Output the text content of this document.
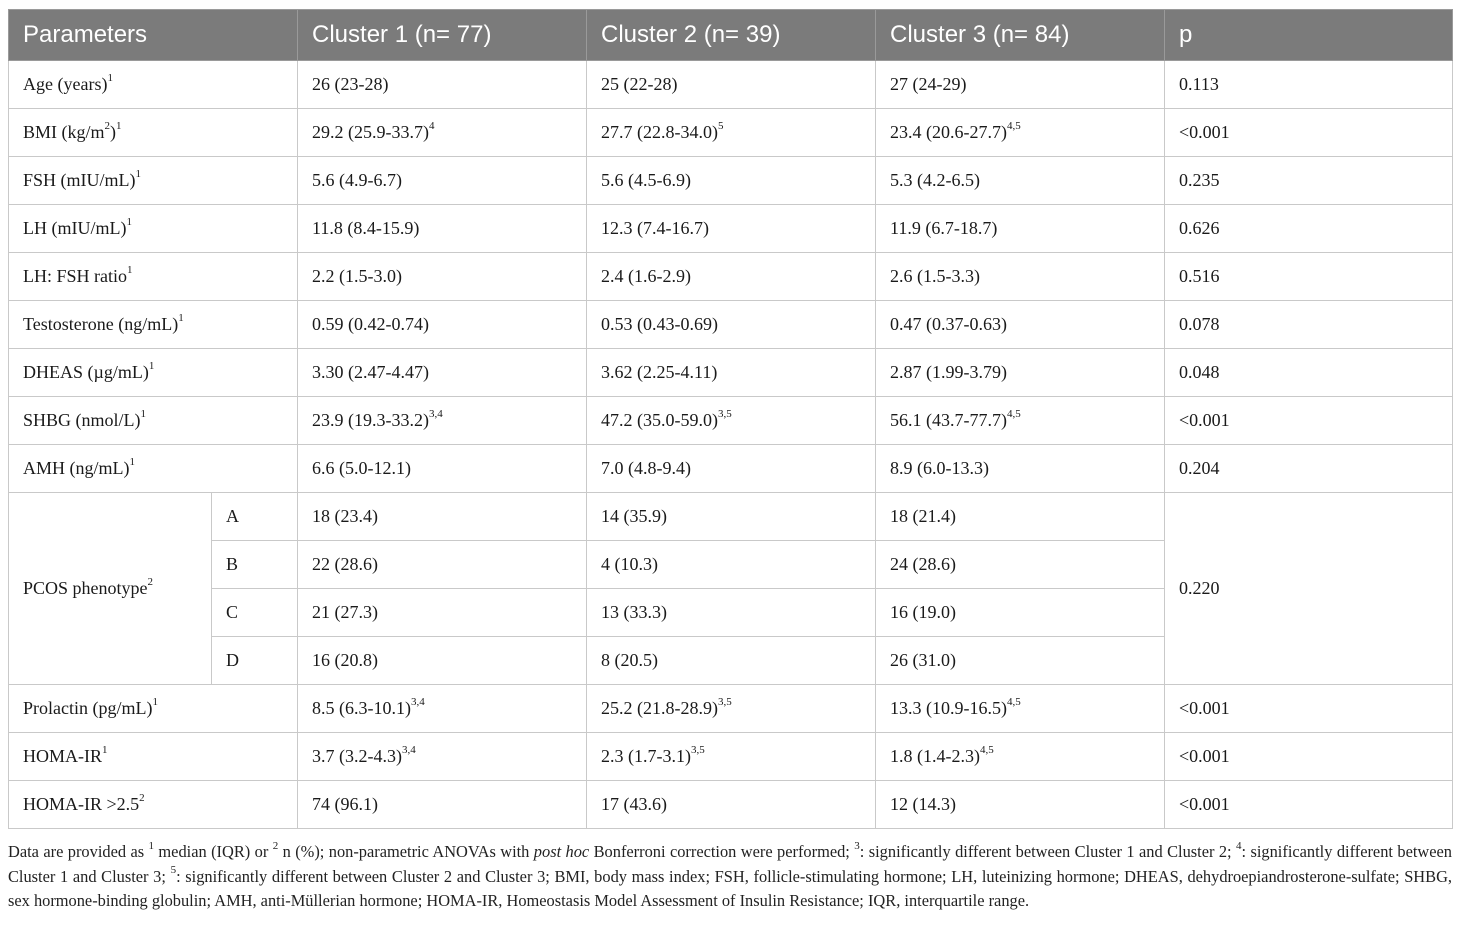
Parameters		Cluster 1 (n= 77)	Cluster 2 (n= 39)	Cluster 3 (n= 84)	p
Age (years)$^1$		26 (23-28)	25 (22-28)	27 (24-29)	0.113
BMI $(kg/m^2)^1$		29.2 $(25.9-33.7)^4$	27.7 $(22.8-34.0)^5$	23.4 $(20.6-27.7)^{4,5}$	<0.001
FSH $(mIU/mL)^1$		5.6 (4.9-6.7)	5.6 (4.5-6.9)	5.3 (4.2-6.5)	0.235
LH $(mIU/mL)^1$		11.8 (8.4-15.9)	12.3 (7.4-16.7)	11.9 (6.7-18.7)	0.626
LH: FSH ratio$^1$		2.2 (1.5-3.0)	2.4 (1.6-2.9)	2.6 (1.5-3.3)	0.516
Testosterone $(ng/mL)^1$		0.59 (0.42-0.74)	0.53 (0.43-0.69)	0.47 (0.37-0.63)	0.078
DHEAS $(\mu g/mL)^1$		3.30 (2.47-4.47)	3.62 (2.25-4.11)	2.87 (1.99-3.79)	0.048
SHBG (nmol/L)$^1$		23.9 $(19.3-33.2)^{3,4}$	47.2 $(35.0-59.0)^{3,5}$	56.1 $(43.7-77.7)^{4,5}$	<0.001
AMH $(ng/mL)^1$		6.6 (5.0-12.1)	7.0 (4.8-9.4)	8.9 (6.0-13.3)	0.204
PCOS phenotype$^2$	A	18 (23.4)	14 (35.9)	18 (21.4)	0.220
	B	22 (28.6)	4 (10.3)	24 (28.6)	
	C	21 (27.3)	13 (33.3)	16 (19.0)	
	D	16 (20.8)	8 (20.5)	26 (31.0)	
Prolactin $(pg/mL)^1$		8.5 $(6.3-10.1)^{3,4}$	25.2 $(21.8-28.9)^{3,5}$	13.3 $(10.9-16.5)^{4,5}$	<0.001
HOMA-$IR^1$		3.7 $(3.2-4.3)^{3,4}$	2.3 $(1.7-3.1)^{3,5}$	1.8 $(1.4-2.3)^{4,5}$	<0.001
HOMA-IR $>2.5^2$		74 (96.1)	17 (43.6)	12 (14.3)	<0.001
Data are provided as $^1$ median (IQR) or $^2$ n (%); non-parametric ANOVAs with post hoc Bonferroni correction were performed; $^3$: significantly different between Cluster 1 and Cluster 2; $^4$: significantly different between Cluster 1 and Cluster 3; $^5$: significantly different between Cluster 2 and Cluster 3; BMI, body mass index; FSH, follicle-stimulating hormone; LH, luteinizing hormone; DHEAS, dehydroepiandrosterone-sulfate; SHBG, sex hormone-binding globulin; AMH, anti-Müllerian hormone; HOMA-IR, Homeostasis Model Assessment of Insulin Resistance; IQR, interquartile range.
